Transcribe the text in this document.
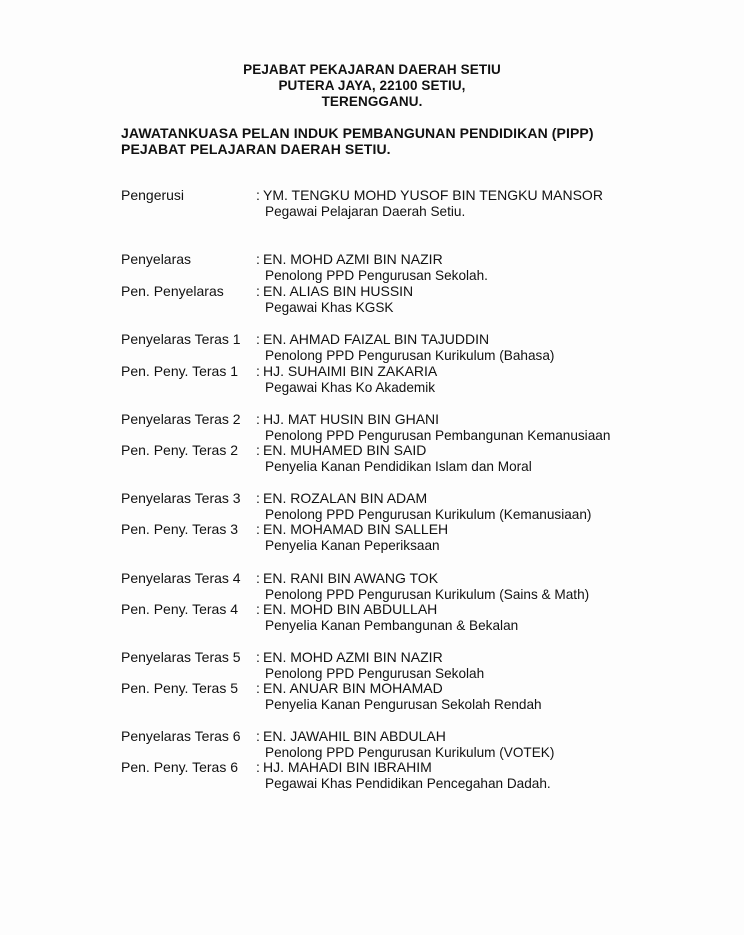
PEJABAT PEKAJARAN DAERAH SETIU
PUTERA JAYA, 22100 SETIU,
TERENGGANU.
JAWATANKUASA PELAN INDUK PEMBANGUNAN PENDIDIKAN (PIPP)
PEJABAT PELAJARAN DAERAH SETIU.
Pengerusi	: YM. TENGKU MOHD YUSOF BIN TENGKU MANSOR
Pegawai Pelajaran Daerah Setiu.
Penyelaras	: EN. MOHD AZMI BIN NAZIR
Penolong PPD Pengurusan Sekolah.
Pen. Penyelaras : EN. ALIAS BIN HUSSIN
Pegawai Khas KGSK
Penyelaras Teras 1 : EN. AHMAD FAIZAL BIN TAJUDDIN
Penolong PPD Pengurusan Kurikulum (Bahasa)
Pen. Peny. Teras 1 : HJ. SUHAIMI BIN ZAKARIA
Pegawai Khas Ko Akademik
Penyelaras Teras 2 : HJ. MAT HUSIN BIN GHANI
Penolong PPD Pengurusan Pembangunan Kemanusiaan
Pen. Peny. Teras 2 : EN. MUHAMED BIN SAID
Penyelia Kanan Pendidikan Islam dan Moral
Penyelaras Teras 3 : EN. ROZALAN BIN ADAM
Penolong PPD Pengurusan Kurikulum (Kemanusiaan)
Pen. Peny. Teras 3 : EN. MOHAMAD BIN SALLEH
Penyelia Kanan Peperiksaan
Penyelaras Teras 4 : EN. RANI BIN AWANG TOK
Penolong PPD Pengurusan Kurikulum (Sains & Math)
Pen. Peny. Teras 4 : EN. MOHD BIN ABDULLAH
Penyelia Kanan Pembangunan & Bekalan
Penyelaras Teras 5 : EN. MOHD AZMI BIN NAZIR
Penolong PPD Pengurusan Sekolah
Pen. Peny. Teras 5 : EN. ANUAR BIN MOHAMAD
Penyelia Kanan Pengurusan Sekolah Rendah
Penyelaras Teras 6 : EN. JAWAHIL BIN ABDULAH
Penolong PPD Pengurusan Kurikulum (VOTEK)
Pen. Peny. Teras 6 : HJ. MAHADI BIN IBRAHIM
Pegawai Khas Pendidikan Pencegahan Dadah.
